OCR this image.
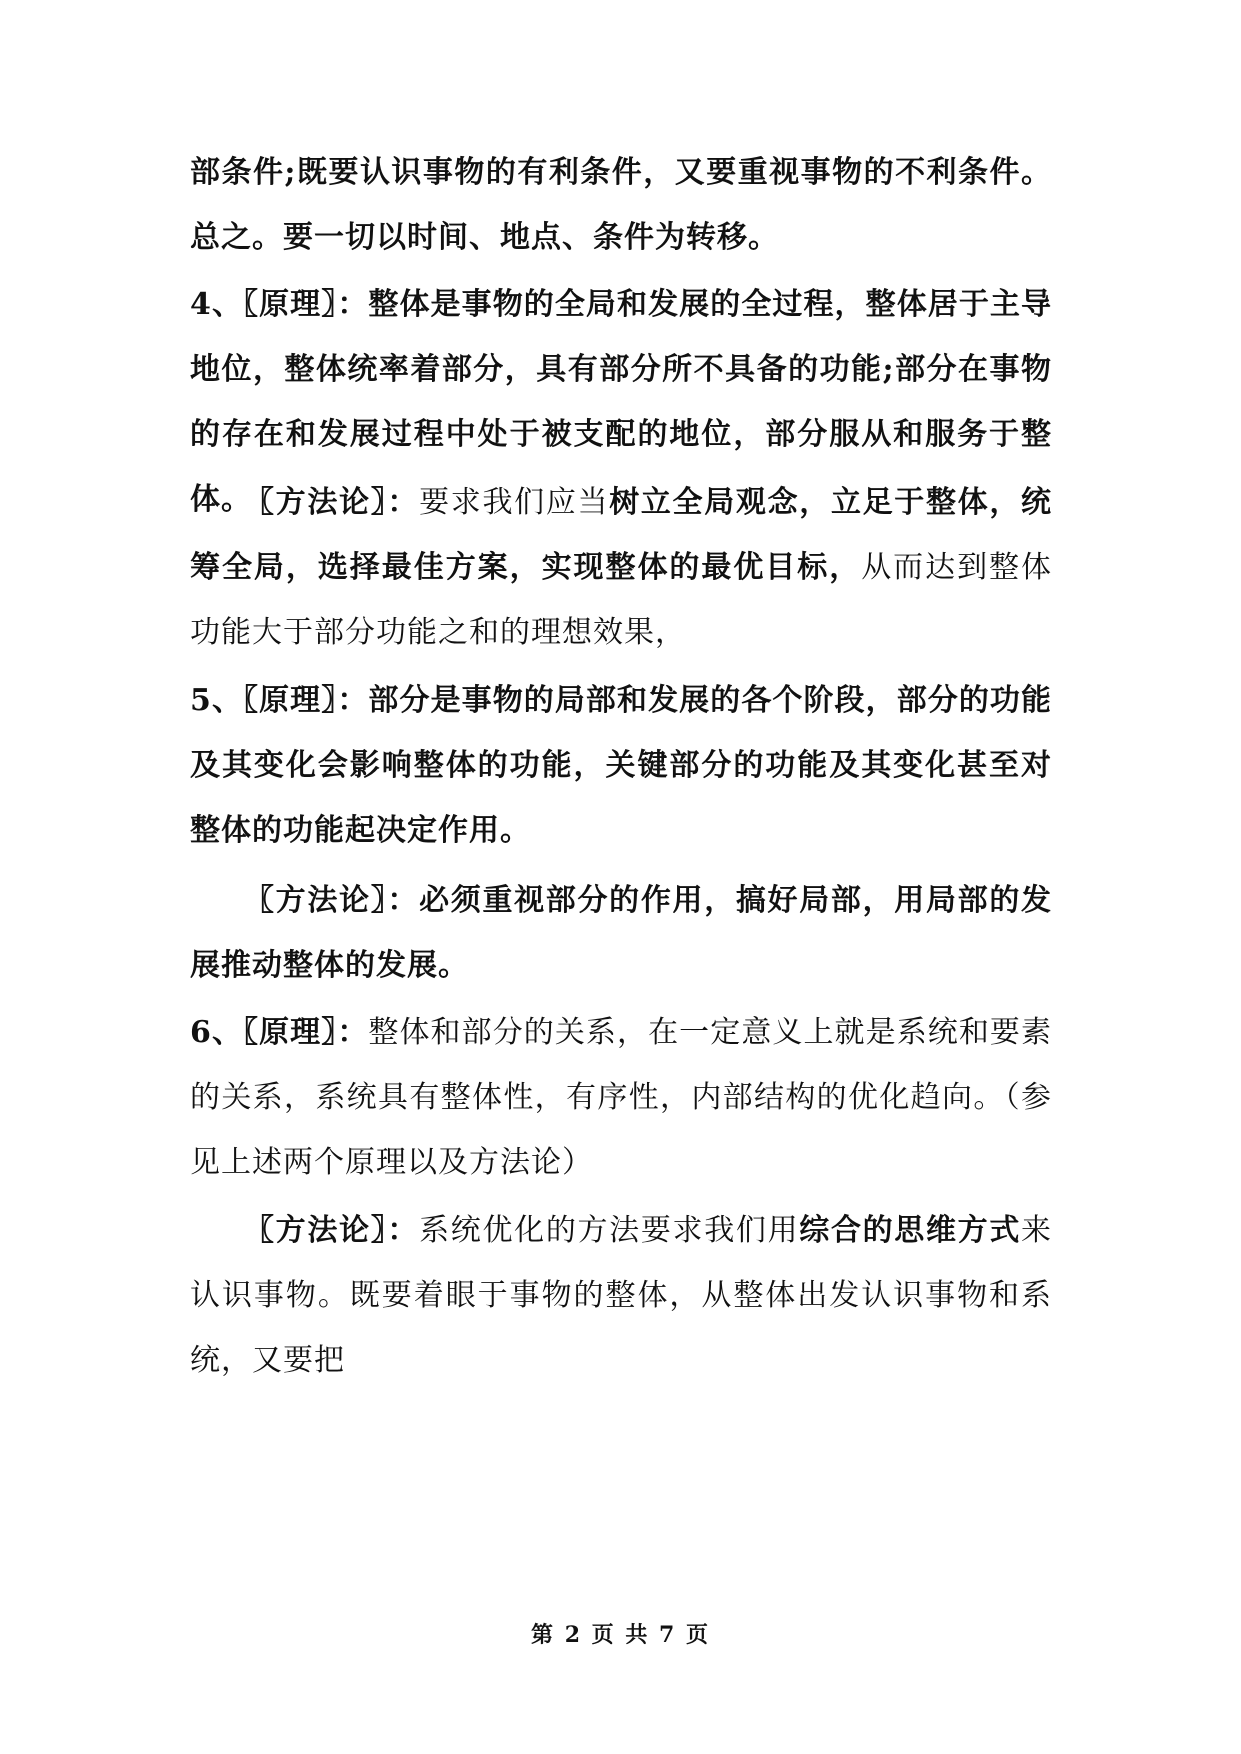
部条件;既要认识事物的有利条件，又要重视事物的不利条件。总之。要一切以时间、地点、条件为转移。

4、〖原理〗：整体是事物的全局和发展的全过程，整体居于主导地位，整体统率着部分，具有部分所不具备的功能;部分在事物的存在和发展过程中处于被支配的地位，部分服从和服务于整体。

〖方法论〗：要求我们应当树立全局观念，立足于整体，统筹全局，选择最佳方案，实现整体的最优目标，从而达到整体功能大于部分功能之和的理想效果，

5、〖原理〗：部分是事物的局部和发展的各个阶段，部分的功能及其变化会影响整体的功能，关键部分的功能及其变化甚至对整体的功能起决定作用。

〖方法论〗：必须重视部分的作用，搞好局部，用局部的发展推动整体的发展。

6、〖原理〗：整体和部分的关系，在一定意义上就是系统和要素的关系，系统具有整体性，有序性，内部结构的优化趋向。（参见上述两个原理以及方法论）

〖方法论〗：系统优化的方法要求我们用综合的思维方式来认识事物。既要着眼于事物的整体，从整体出发认识事物和系统，又要把

第 2 页 共 7 页
